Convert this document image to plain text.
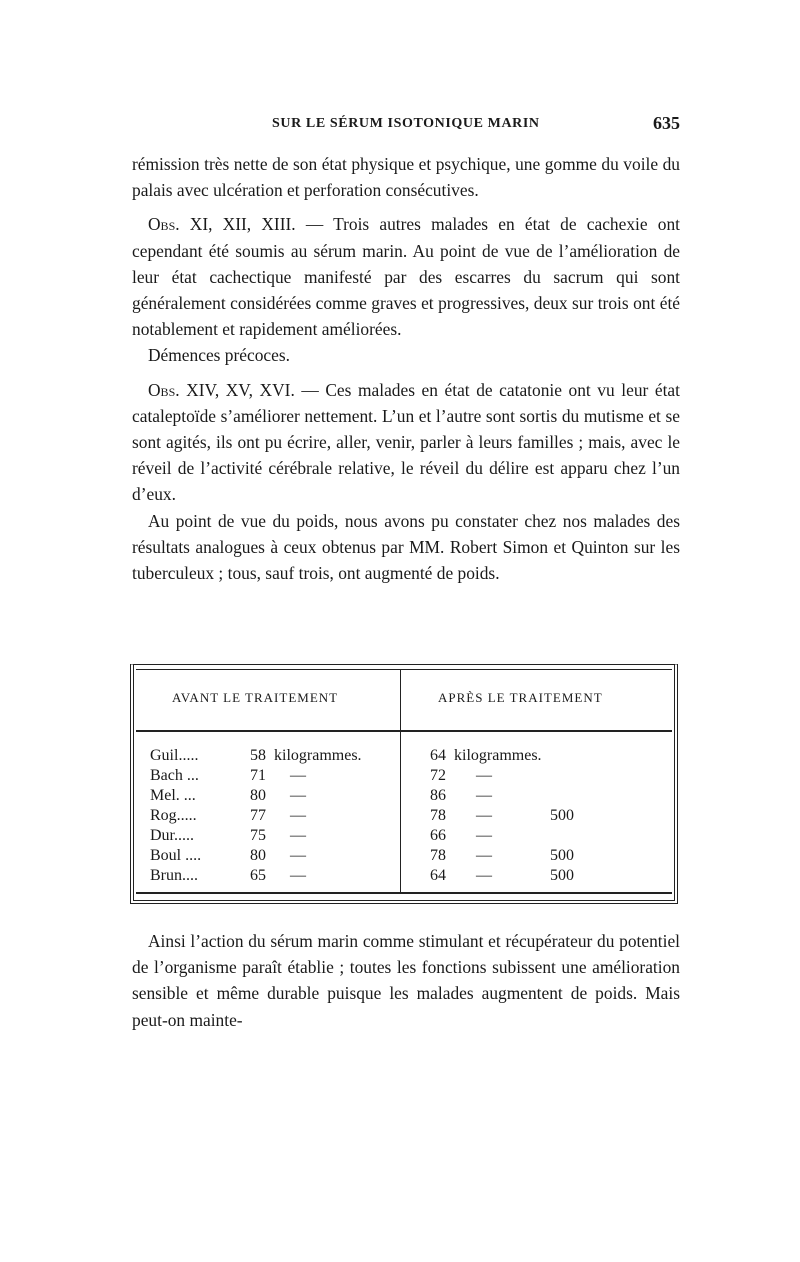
SUR LE SÉRUM ISOTONIQUE MARIN	635

rémission très nette de son état physique et psychique, une gomme du voile du palais avec ulcération et perforation consécutives.

Obs. XI, XII, XIII. — Trois autres malades en état de cachexie ont cependant été soumis au sérum marin. Au point de vue de l’amélioration de leur état cachectique manifesté par des escarres du sacrum qui sont généralement considérées comme graves et progressives, deux sur trois ont été notablement et rapidement améliorées.

Démences précoces.

Obs. XIV, XV, XVI. — Ces malades en état de catatonie ont vu leur état cataleptoïde s’améliorer nettement. L’un et l’autre sont sortis du mutisme et se sont agités, ils ont pu écrire, aller, venir, parler à leurs familles ; mais, avec le réveil de l’activité cérébrale relative, le réveil du délire est apparu chez l’un d’eux.

Au point de vue du poids, nous avons pu constater chez nos malades des résultats analogues à ceux obtenus par MM. Robert Simon et Quinton sur les tuberculeux ; tous, sauf trois, ont augmenté de poids.

AVANT LE TRAITEMENT	APRÈS LE TRAITEMENT
Guil.....	58 kilogrammes.	64 kilogrammes.
Bach ...	71 —	72 —
Mel. ...	80 —	86 —
Rog.....	77 —	78 —	500
Dur.....	75 —	66 —
Boul ....	80 —	78 —	500
Brun....	65 —	64 —	500

Ainsi l’action du sérum marin comme stimulant et récupérateur du potentiel de l’organisme paraît établie ; toutes les fonctions subissent une amélioration sensible et même durable puisque les malades augmentent de poids. Mais peut-on mainte-
